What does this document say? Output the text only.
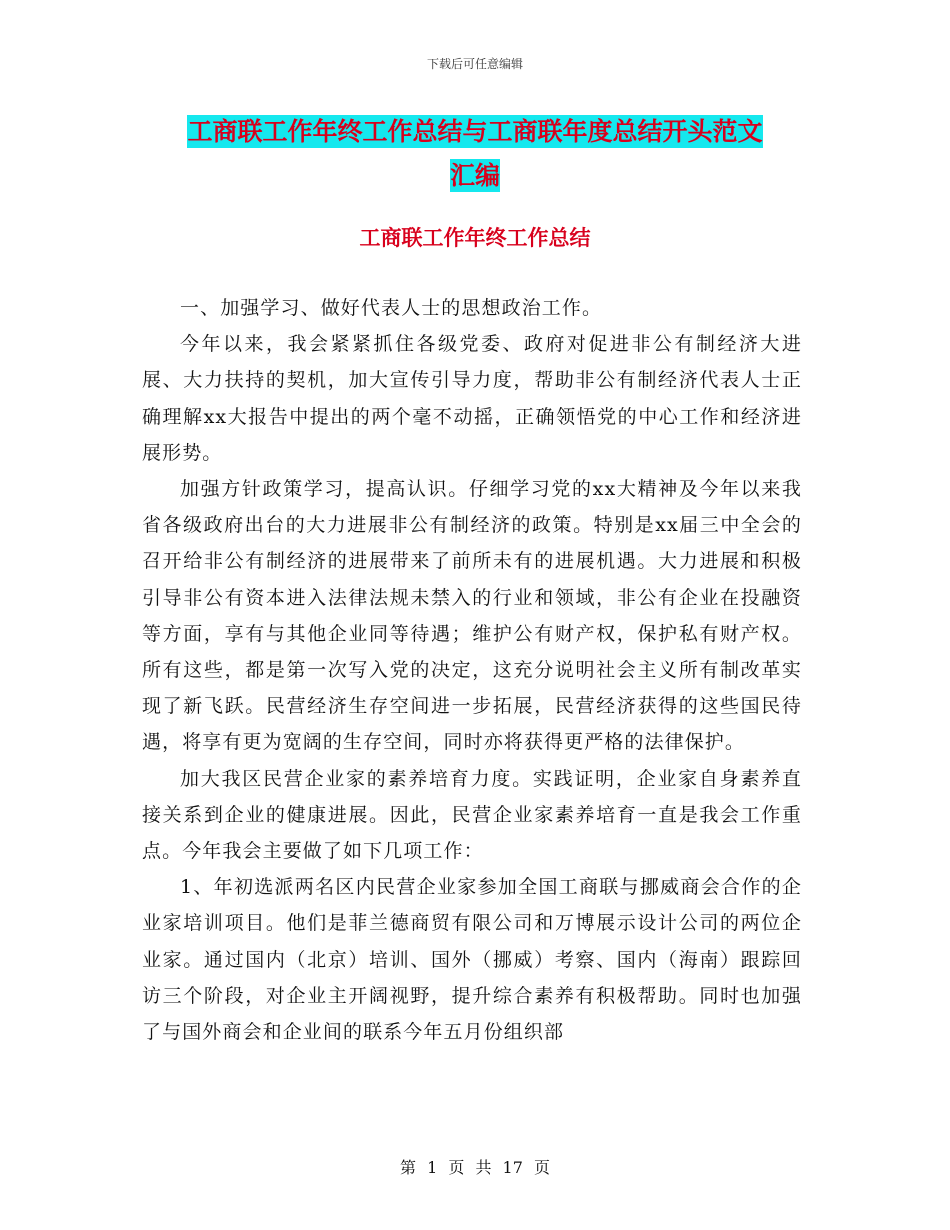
下载后可任意编辑
工商联工作年终工作总结与工商联年度总结开头范文
汇编
工商联工作年终工作总结

一、加强学习、做好代表人士的思想政治工作。

今年以来，我会紧紧抓住各级党委、政府对促进非公有制经济大进展、大力扶持的契机，加大宣传引导力度，帮助非公有制经济代表人士正确理解xx大报告中提出的两个毫不动摇，正确领悟党的中心工作和经济进展形势。

加强方针政策学习，提高认识。仔细学习党的xx大精神及今年以来我省各级政府出台的大力进展非公有制经济的政策。特别是xx届三中全会的召开给非公有制经济的进展带来了前所未有的进展机遇。大力进展和积极引导非公有资本进入法律法规未禁入的行业和领域，非公有企业在投融资等方面，享有与其他企业同等待遇；维护公有财产权，保护私有财产权。所有这些，都是第一次写入党的决定，这充分说明社会主义所有制改革实现了新飞跃。民营经济生存空间进一步拓展，民营经济获得的这些国民待遇，将享有更为宽阔的生存空间，同时亦将获得更严格的法律保护。

加大我区民营企业家的素养培育力度。实践证明，企业家自身素养直接关系到企业的健康进展。因此，民营企业家素养培育一直是我会工作重点。今年我会主要做了如下几项工作：

1、年初选派两名区内民营企业家参加全国工商联与挪威商会合作的企业家培训项目。他们是菲兰德商贸有限公司和万博展示设计公司的两位企业家。通过国内（北京）培训、国外（挪威）考察、国内（海南）跟踪回访三个阶段，对企业主开阔视野，提升综合素养有积极帮助。同时也加强了与国外商会和企业间的联系今年五月份组织部

第 1 页 共 17 页
